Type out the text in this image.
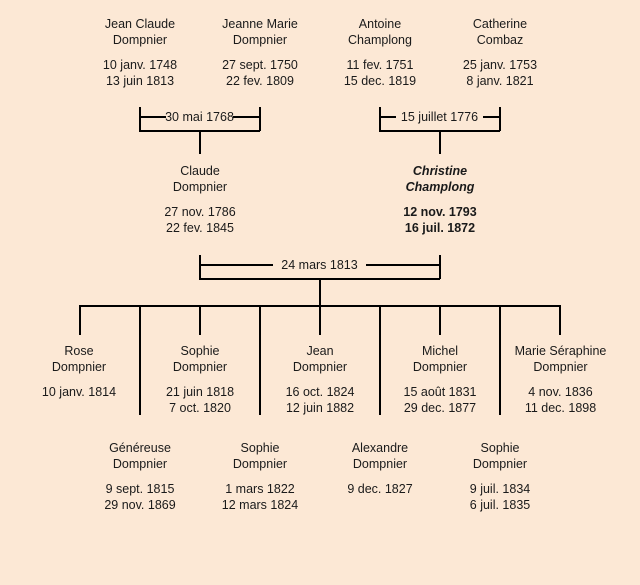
Jean Claude
Dompnier
10 janv. 1748
13 juin 1813
Jeanne Marie
Dompnier
27 sept. 1750
22 fev. 1809
Antoine
Champlong
11 fev. 1751
15 dec. 1819
Catherine
Combaz
25 janv. 1753
8 janv. 1821
30 mai 1768	15 juillet 1776
Claude
Dompnier
27 nov. 1786
22 fev. 1845
Christine
Champlong
12 nov. 1793
16 juil. 1872
24 mars 1813
Rose
Dompnier
10 janv. 1814
Sophie
Dompnier
21 juin 1818
7 oct. 1820
Jean
Dompnier
16 oct. 1824
12 juin 1882
Michel
Dompnier
15 août 1831
29 dec. 1877
Marie Séraphine
Dompnier
4 nov. 1836
11 dec. 1898
Généreuse
Dompnier
9 sept. 1815
29 nov. 1869
Sophie
Dompnier
1 mars 1822
12 mars 1824
Alexandre
Dompnier
9 dec. 1827
Sophie
Dompnier
9 juil. 1834
6 juil. 1835
